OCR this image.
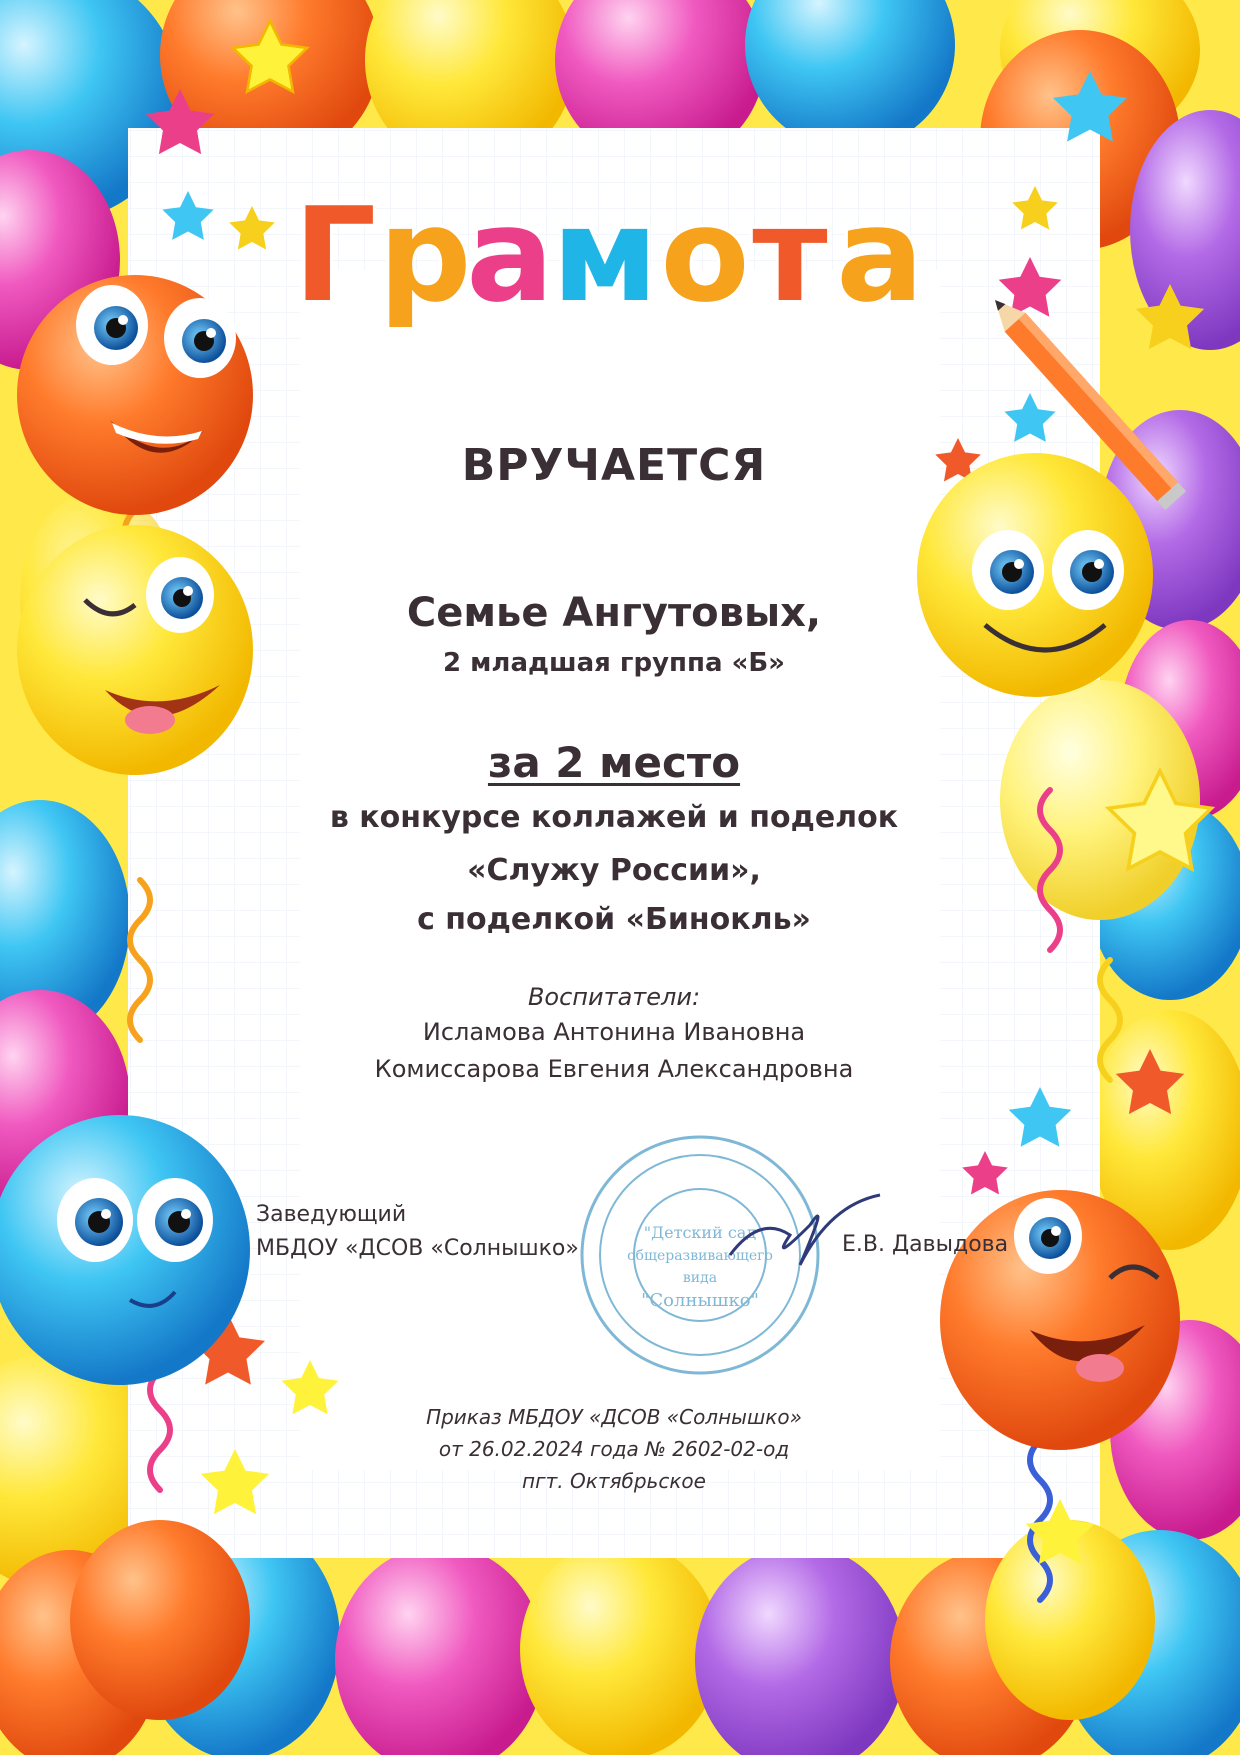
Г р
а
м о т а
"Детский сад
общеразвивающего
вида
"Солнышко"
ВРУЧАЕТСЯ
Семье Ангутовых,
2 младшая группа «Б»
за 2 место
в конкурсе коллажей и поделок
«Служу России»,
с поделкой «Бинокль»
Воспитатели:
Исламова Антонина Ивановна
Комиссарова Евгения Александровна
Заведующий
МБДОУ «ДСОВ «Солнышко»	Е.В. Давыдова
Приказ МБДОУ «ДСОВ «Солнышко»
от 26.02.2024 года № 2602-02-од
пгт. Октябрьское
